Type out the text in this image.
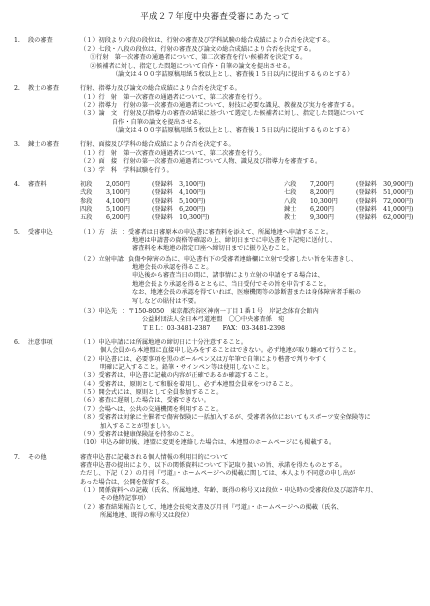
平成２７年度中央審査受審にあたって
1.	段の審査	（１）初段より六段の段位は、行射の審査及び学科試験の総合成績により合否を決定する。
（２）七段・八段の段位は、行射の審査及び論文の総合成績により合否を決定する。
①行射　第一次審査の通過者について、第二次審査を行い候補者を決定する。
②候補者に対し、指定した問題について自作・自筆の論文を提出させる。
（論文は４００字詰原稿用紙５枚以上とし、審査後１５日以内に提出するものとする）
2.	教士の審査	行射、指導力及び論文の総合成績により合否を決定する。
（１）行　射　第一次審査の通過者について、第二次審査を行う。
（２）指導力　行射の第一次審査の通過者について、射技に必要な識見、教養及び実力を審査する。
（３）論　文　行射及び指導力の審査の結果に基づいて選定した候補者に対し、指定した問題について
自作・自筆の論文を提出させる。
（論文は４００字詰原稿用紙５枚以上とし、審査後１５日以内に提出するものとする）
3.	錬士の審査	行射、面接及び学科の総合成績により合否を決定する。
（１）行　射　第一次審査の通過者について、第二次審査を行う。
（２）面　接　行射の第一次審査の通過者について人物、識見及び指導力を審査する。
（３）学　科　学科試験を行う。
4.	審査料	初段	2,050円	(登録料　3,100円)	六段	7,200円	(登録料　30,900円)
弐段	3,100円	(登録料　4,100円)	七段	8,200円	(登録料　51,000円)
参段	4,100円	(登録料　5,100円)	八段	10,300円	(登録料　72,000円)
四段	5,100円	(登録料　6,200円)	錬士	6,200円	(登録料　41,000円)
五段	6,200円	(登録料　10,300円)	教士	9,300円	(登録料　62,000円)
5.	受審申込	（１）方　法 ：受審者は日審原本の申込書に審査料を添えて、所属地連へ申請すること。
地連は申請書の資格等確認の上、締切日までに申込書を下記宛に送付し、
審査料を本地連の指定口座へ締切日までに振り込むこと。
（２）立射申請
：負傷や障害の為に、申込書右下の受審者連絡欄に立射で受審したい旨を朱書きし、
地連会長の承認を得ること。
申込後から審査当日の間に、諸事情により立射の申請をする場合は、
地連会長より承認を得るとともに、当日受付でその旨を申告すること。
なお、地連会長の承認を得ていれば、医療機関等の診断書または身体障害者手帳の
写しなどの貼付は不要。
（３）申込先 ：〒150-8050　東京都渋谷区神南一丁目１番１号　岸記念体育会館内
公益財団法人全日本弓道連盟　〇〇中央審査係　宛
ＴＥＬ：03-3481-2387　　FAX：03-3481-2398
6.	注意事項	（１）申込申請には所属地連の締切日に十分注意すること。
個人会員から本連盟に直接申し込みをすることはできない。必ず地連が取り纏めて行うこと。
（２）申込書には、必要事項を黒のボールペン又は万年筆で自筆により楷書で判りやすく
明確に記入すること。鉛筆・サインペン等は使用しないこと。
（３）受審者は、申込書に記載の内容が正確であるか確認すること。
（４）受審者は、原則として和服を着用し、必ず本連盟会員章をつけること。
（５）開会式には、原則として全員参加すること。
（６）審査に遅刻した場合は、受審できない。
（７）会場へは、公共の交通機関を利用すること。
（８）受審者は対象に主催者で傷害保険に一括加入するが、受審者各位においてもスポーツ安全保険等に
加入することが望ましい。
（９）受審者は健康保険証を持参のこと。
（10）申込み締切後、連盟に変更を連絡した場合は、本連盟のホームページにも掲載する。
7.	その他	審査申込書に記載される個人情報の利用目的について
審査申込書の提出により、以下の関係資料について下記取り扱いの旨、承諾を得たものとする。
ただし、下記（２）の月刊『弓道』・ホームページへの掲載に関しては、本人より不同意の申し出が
あった場合は、公開を保留する。
（１）関係資料への記載（氏名、所属地連、年齢、既得の称号又は段位・申込時の受審段位及び認許年月、
その他特記事項）
（２）審査結果報告として、地連会長宛文書及び月刊『弓道』・ホームページへの掲載（氏名、
所属地連、既得の称号又は段位）
